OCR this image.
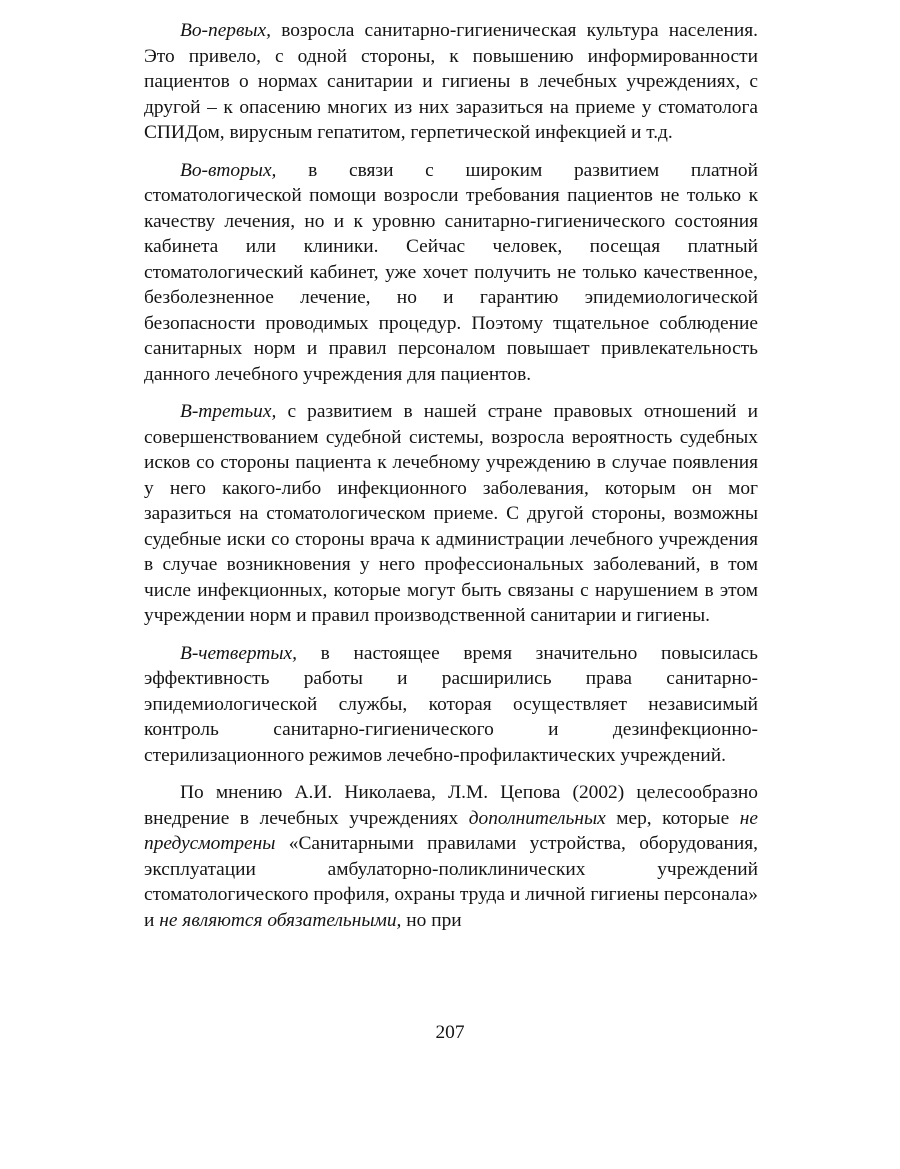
Во-первых, возросла санитарно-гигиеническая культура населения. Это привело, с одной стороны, к повышению информированности пациентов о нормах санитарии и гигиены в лечебных учреждениях, с другой – к опасению многих из них заразиться на приеме у стоматолога СПИДом, вирусным гепатитом, герпетической инфекцией и т.д.

Во-вторых, в связи с широким развитием платной стоматологической помощи возросли требования пациентов не только к качеству лечения, но и к уровню санитарно-гигиенического состояния кабинета или клиники. Сейчас человек, посещая платный стоматологический кабинет, уже хочет получить не только качественное, безболезненное лечение, но и гарантию эпидемиологической безопасности проводимых процедур. Поэтому тщательное соблюдение санитарных норм и правил персоналом повышает привлекательность данного лечебного учреждения для пациентов.

В-третьих, с развитием в нашей стране правовых отношений и совершенствованием судебной системы, возросла вероятность судебных исков со стороны пациента к лечебному учреждению в случае появления у него какого-либо инфекционного заболевания, которым он мог заразиться на стоматологическом приеме. С другой стороны, возможны судебные иски со стороны врача к администрации лечебного учреждения в случае возникновения у него профессиональных заболеваний, в том числе инфекционных, которые могут быть связаны с нарушением в этом учреждении норм и правил производственной санитарии и гигиены.

В-четвертых, в настоящее время значительно повысилась эффективность работы и расширились права санитарно-эпидемиологической службы, которая осуществляет независимый контроль санитарно-гигиенического и дезинфекционно-стерилизационного режимов лечебно-профилактических учреждений.

По мнению А.И. Николаева, Л.М. Цепова (2002) целесообразно внедрение в лечебных учреждениях дополнительных мер, которые не предусмотрены «Санитарными правилами устройства, оборудования, эксплуатации амбулаторно-поликлинических учреждений стоматологического профиля, охраны труда и личной гигиены персонала» и не являются обязательными, но при

207
